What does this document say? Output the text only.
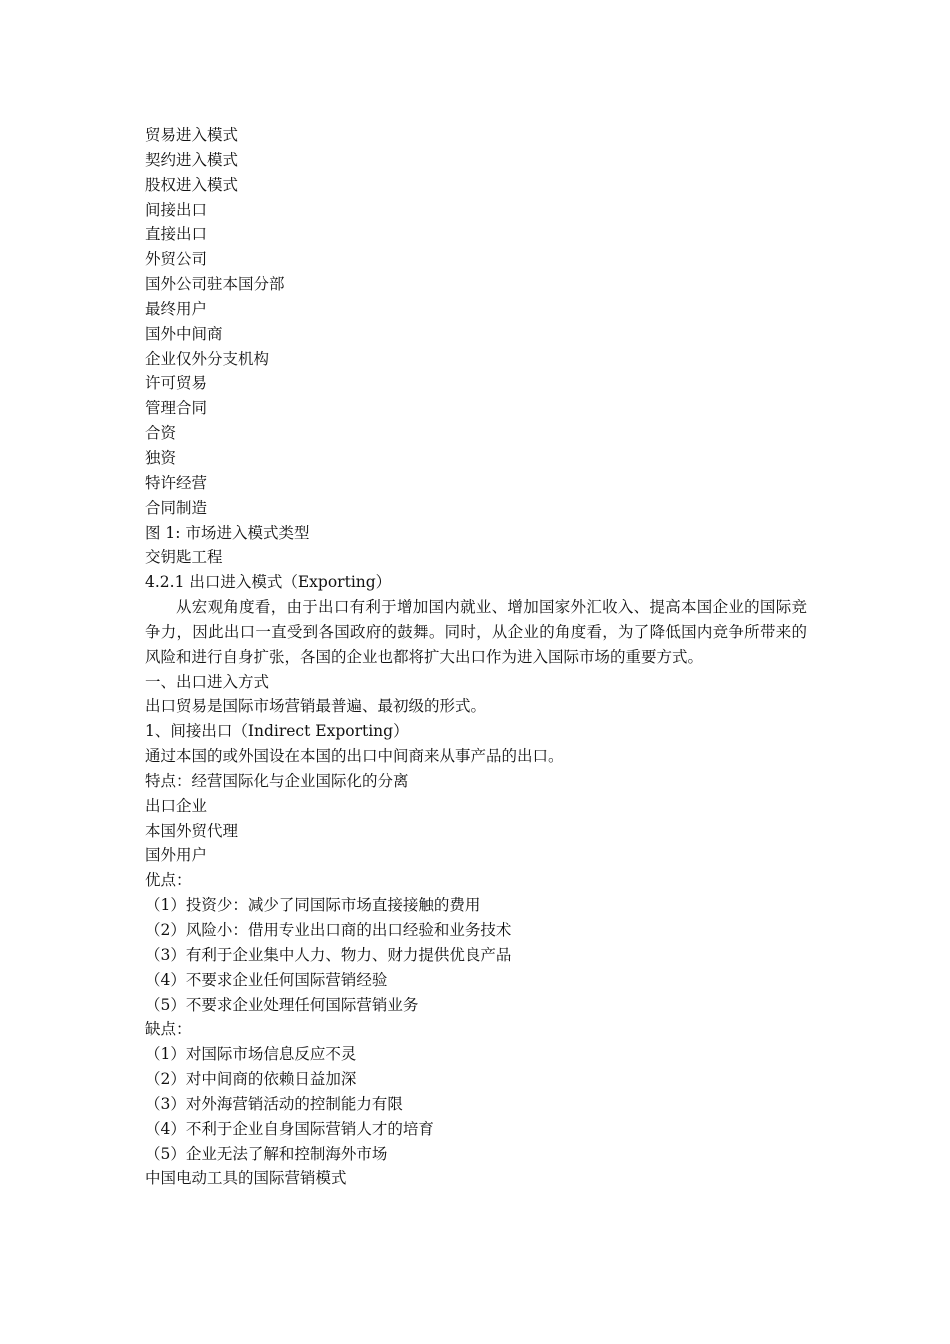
贸易进入模式
契约进入模式
股权进入模式
间接出口
直接出口
外贸公司
国外公司驻本国分部
最终用户
国外中间商
企业仅外分支机构
许可贸易
管理合同
合资
独资
特许经营
合同制造
图 1: 市场进入模式类型
交钥匙工程
4.2.1 出口进入模式（Exporting）

从宏观角度看，由于出口有利于增加国内就业、增加国家外汇收入、提高本国企业的国际竞争力，因此出口一直受到各国政府的鼓舞。同时，从企业的角度看，为了降低国内竞争所带来的风险和进行自身扩张，各国的企业也都将扩大出口作为进入国际市场的重要方式。

一、出口进入方式
出口贸易是国际市场营销最普遍、最初级的形式。
1、间接出口（Indirect Exporting）
通过本国的或外国设在本国的出口中间商来从事产品的出口。
特点：经营国际化与企业国际化的分离
出口企业
本国外贸代理
国外用户
优点：
（1）投资少：减少了同国际市场直接接触的费用
（2）风险小：借用专业出口商的出口经验和业务技术
（3）有利于企业集中人力、物力、财力提供优良产品
（4）不要求企业任何国际营销经验
（5）不要求企业处理任何国际营销业务
缺点：
（1）对国际市场信息反应不灵
（2）对中间商的依赖日益加深
（3）对外海营销活动的控制能力有限
（4）不利于企业自身国际营销人才的培育
（5）企业无法了解和控制海外市场
中国电动工具的国际营销模式
